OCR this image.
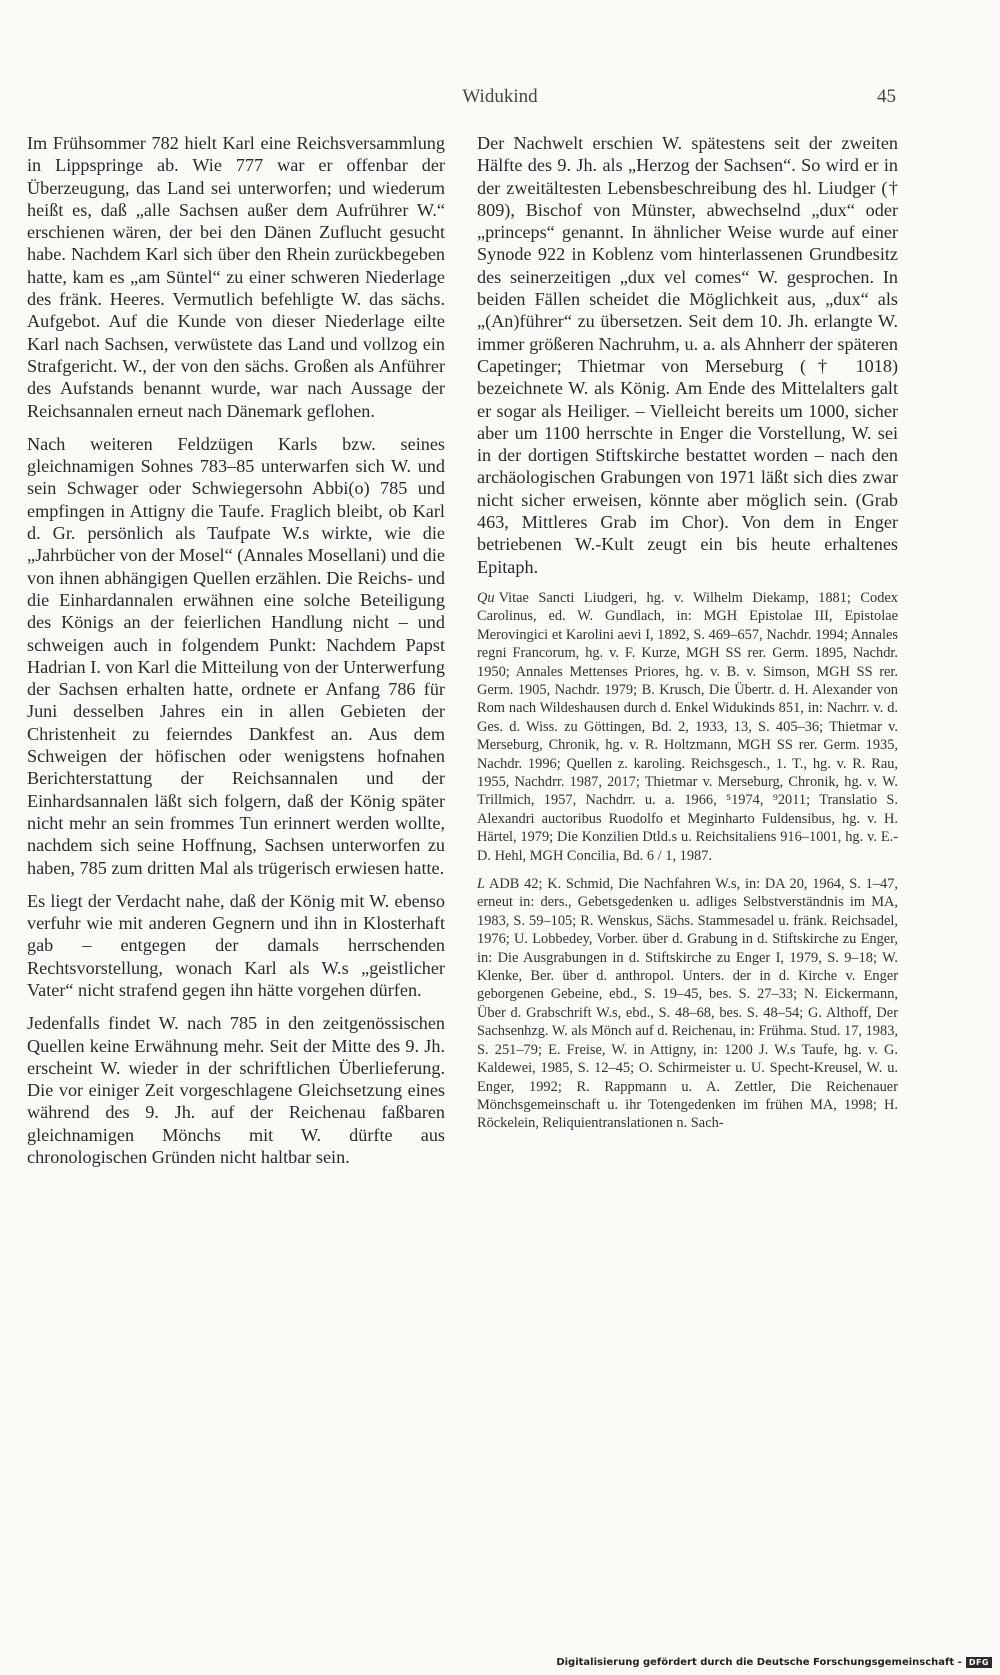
Widukind	45

Im Frühsommer 782 hielt Karl eine Reichsversammlung in Lippspringe ab. Wie 777 war er offenbar der Überzeugung, das Land sei unterworfen; und wiederum heißt es, daß „alle Sachsen außer dem Aufrührer W.“ erschienen wären, der bei den Dänen Zuflucht gesucht habe. Nachdem Karl sich über den Rhein zurückbegeben hatte, kam es „am Süntel“ zu einer schweren Niederlage des fränk. Heeres. Vermutlich befehligte W. das sächs. Aufgebot. Auf die Kunde von dieser Niederlage eilte Karl nach Sachsen, verwüstete das Land und vollzog ein Strafgericht. W., der von den sächs. Großen als Anführer des Aufstands benannt wurde, war nach Aussage der Reichsannalen erneut nach Dänemark geflohen.

Nach weiteren Feldzügen Karls bzw. seines gleichnamigen Sohnes 783–85 unterwarfen sich W. und sein Schwager oder Schwiegersohn Abbi(o) 785 und empfingen in Attigny die Taufe. Fraglich bleibt, ob Karl d. Gr. persönlich als Taufpate W.s wirkte, wie die „Jahrbücher von der Mosel“ (Annales Mosellani) und die von ihnen abhängigen Quellen erzählen. Die Reichs- und die Einhardannalen erwähnen eine solche Beteiligung des Königs an der feierlichen Handlung nicht – und schweigen auch in folgendem Punkt: Nachdem Papst Hadrian I. von Karl die Mitteilung von der Unterwerfung der Sachsen erhalten hatte, ordnete er Anfang 786 für Juni desselben Jahres ein in allen Gebieten der Christenheit zu feierndes Dankfest an. Aus dem Schweigen der höfischen oder wenigstens hofnahen Berichterstattung der Reichsannalen und der Einhardsannalen läßt sich folgern, daß der König später nicht mehr an sein frommes Tun erinnert werden wollte, nachdem sich seine Hoffnung, Sachsen unterworfen zu haben, 785 zum dritten Mal als trügerisch erwiesen hatte.

Es liegt der Verdacht nahe, daß der König mit W. ebenso verfuhr wie mit anderen Gegnern und ihn in Klosterhaft gab – entgegen der damals herrschenden Rechtsvorstellung, wonach Karl als W.s „geistlicher Vater“ nicht strafend gegen ihn hätte vorgehen dürfen.

Jedenfalls findet W. nach 785 in den zeitgenössischen Quellen keine Erwähnung mehr. Seit der Mitte des 9. Jh. erscheint W. wieder in der schriftlichen Überlieferung. Die vor einiger Zeit vorgeschlagene Gleichsetzung eines während des 9. Jh. auf der Reichenau faßbaren gleichnamigen Mönchs mit W. dürfte aus chronologischen Gründen nicht haltbar sein.

Der Nachwelt erschien W. spätestens seit der zweiten Hälfte des 9. Jh. als „Herzog der Sachsen“. So wird er in der zweitältesten Lebensbeschreibung des hl. Liudger († 809), Bischof von Münster, abwechselnd „dux“ oder „princeps“ genannt. In ähnlicher Weise wurde auf einer Synode 922 in Koblenz vom hinterlassenen Grundbesitz des seinerzeitigen „dux vel comes“ W. gesprochen. In beiden Fällen scheidet die Möglichkeit aus, „dux“ als „(An)führer“ zu übersetzen. Seit dem 10. Jh. erlangte W. immer größeren Nachruhm, u. a. als Ahnherr der späteren Capetinger; Thietmar von Merseburg († 1018) bezeichnete W. als König. Am Ende des Mittelalters galt er sogar als Heiliger. – Vielleicht bereits um 1000, sicher aber um 1100 herrschte in Enger die Vorstellung, W. sei in der dortigen Stiftskirche bestattet worden – nach den archäologischen Grabungen von 1971 läßt sich dies zwar nicht sicher erweisen, könnte aber möglich sein. (Grab 463, Mittleres Grab im Chor). Von dem in Enger betriebenen W.-Kult zeugt ein bis heute erhaltenes Epitaph.

Qu Vitae Sancti Liudgeri, hg. v. Wilhelm Diekamp, 1881; Codex Carolinus, ed. W. Gundlach, in: MGH Epistolae III, Epistolae Merovingici et Karolini aevi I, 1892, S. 469–657, Nachdr. 1994; Annales regni Francorum, hg. v. F. Kurze, MGH SS rer. Germ. 1895, Nachdr. 1950; Annales Mettenses Priores, hg. v. B. v. Simson, MGH SS rer. Germ. 1905, Nachdr. 1979; B. Krusch, Die Übertr. d. H. Alexander von Rom nach Wildeshausen durch d. Enkel Widukinds 851, in: Nachrr. v. d. Ges. d. Wiss. zu Göttingen, Bd. 2, 1933, 13, S. 405–36; Thietmar v. Merseburg, Chronik, hg. v. R. Holtzmann, MGH SS rer. Germ. 1935, Nachdr. 1996; Quellen z. karoling. Reichsgesch., 1. T., hg. v. R. Rau, 1955, Nachdrr. 1987, 2017; Thietmar v. Merseburg, Chronik, hg. v. W. Trillmich, 1957, Nachdrr. u. a. 1966, ⁵1974, ⁹2011; Translatio S. Alexandri auctoribus Ruodolfo et Meginharto Fuldensibus, hg. v. H. Härtel, 1979; Die Konzilien Dtld.s u. Reichsitaliens 916–1001, hg. v. E.-D. Hehl, MGH Concilia, Bd. 6 / 1, 1987.

L ADB 42; K. Schmid, Die Nachfahren W.s, in: DA 20, 1964, S. 1–47, erneut in: ders., Gebetsgedenken u. adliges Selbstverständnis im MA, 1983, S. 59–105; R. Wenskus, Sächs. Stammesadel u. fränk. Reichsadel, 1976; U. Lobbedey, Vorber. über d. Grabung in d. Stiftskirche zu Enger, in: Die Ausgrabungen in d. Stiftskirche zu Enger I, 1979, S. 9–18; W. Klenke, Ber. über d. anthropol. Unters. der in d. Kirche v. Enger geborgenen Gebeine, ebd., S. 19–45, bes. S. 27–33; N. Eickermann, Über d. Grabschrift W.s, ebd., S. 48–68, bes. S. 48–54; G. Althoff, Der Sachsenhzg. W. als Mönch auf d. Reichenau, in: Frühma. Stud. 17, 1983, S. 251–79; E. Freise, W. in Attigny, in: 1200 J. W.s Taufe, hg. v. G. Kaldewei, 1985, S. 12–45; O. Schirmeister u. U. Specht-Kreusel, W. u. Enger, 1992; R. Rappmann u. A. Zettler, Die Reichenauer Mönchsgemeinschaft u. ihr Totengedenken im frühen MA, 1998; H. Röckelein, Reliquientranslationen n. Sach-

Digitalisierung gefördert durch die Deutsche Forschungsgemeinschaft - DFG
